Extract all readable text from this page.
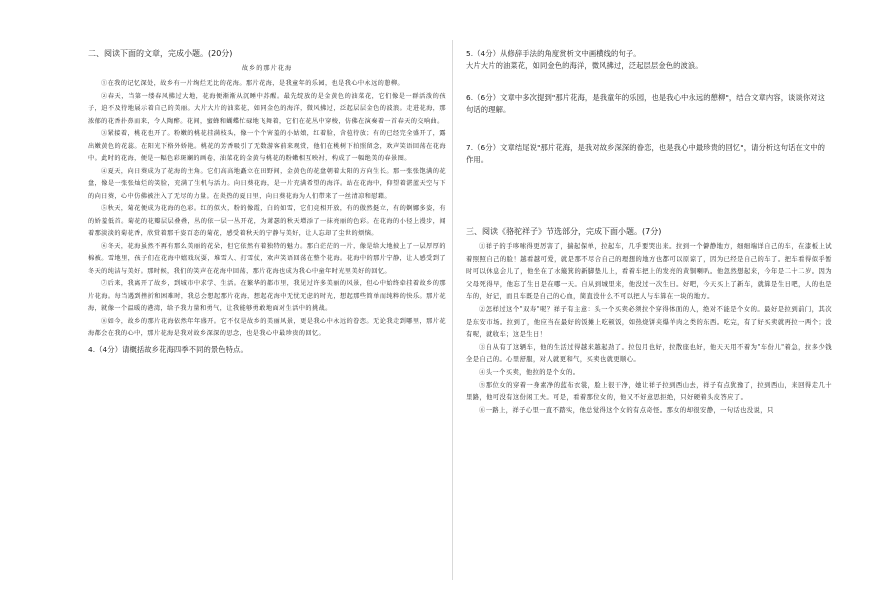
二、阅读下面的文章，完成小题。(20分)
故乡的那片花海

①在我的记忆深处，故乡有一片绚烂无比的花海。那片花海，是我童年的乐园，也是我心中永远的憩柳。

②春天，当第一缕春风拂过大地，花海便渐渐从沉睡中苏醒。最先绽放的是金黄色的油菜花，它们像是一群活泼的孩子，迫不及待地展示着自己的美丽。大片大片的油菜花，如同金色的海洋，微风拂过，泛起层层金色的波浪。走进花海，那浓郁的花香扑鼻而来，令人陶醉。花间，蜜蜂和蝴蝶忙碌地飞舞着，它们在花丛中穿梭，仿佛在演奏着一首春天的交响曲。

③紧接着，桃花也开了。粉嫩的桃花挂满枝头，像一个个害羞的小姑娘，红着脸，含苞待放；有的已经完全盛开了，露出嫩黄色的花蕊。在阳光下格外娇艳。桃花的芳香吸引了无数游客前来观赏，他们在桃树下拍照留念，欢声笑语回荡在花海中。此时的花海，便是一幅色彩斑斓的画卷，油菜花的金黄与桃花的粉嫩相互映衬，构成了一幅绝美的春景图。

④夏天，向日葵成为了花海的主角。它们高高地矗立在田野间，金黄色的花盘朝着太阳的方向生长。那一张张饱满的花盘，像是一张张灿烂的笑脸，充满了生机与活力。向日葵花海，是一片充满希望的海洋。站在花海中，仰望着湛蓝天空与下的向日葵，心中仿佛被注入了无尽的力量。在炎热的夏日里，向日葵花海为人们带来了一丝清凉和慰藉。

⑤秋天，菊花便成为花海的色彩。红的似火，粉的像霞，白的如雪，它们竞相开放，有的傲然挺立，有的婀娜多姿，有的娇羞低首。菊花的花瓣层层叠叠，丛的依一层一丛开花，为萧瑟的秋天增添了一抹亮丽的色彩。在花海的小径上漫步，闻着那淡淡的菊花香，欣赏着那千姿百态的菊花，感受着秋天的宁静与美好，让人忘却了尘世的烦恼。

⑥冬天，花海虽然不再有那么美丽的花朵，但它依然有着独特的魅力。那白茫茫的一片，像是给大地披上了一层厚厚的棉被。雪地里，孩子们在花海中嬉戏玩耍，堆雪人、打雪仗，欢声笑语回荡在整个花海。花海中的那片宁静，让人感受到了冬天的纯洁与美好。那时候，我们的笑声在花海中回荡，那片花海也成为我心中童年时光里美好的回忆。

⑦后来，我离开了故乡，到城市中求学、生活。在繁华的都市里，我见过许多美丽的风景，但心中始终牵挂着故乡的那片花海。每当遇到挫折和困难时，我总会想起那片花海，想起花海中无忧无虑的时光，想起那些简单而纯粹的快乐。那片花海，就像一个温暖的港湾，给予我力量和勇气，让我能够勇敢地面对生活中的挑战。

⑧如今，故乡的那片花海依然年年盛开。它不仅是故乡的美丽风景，更是我心中永远的眷恋。无论我走到哪里，那片花海都会在我的心中，那片花海是我对故乡深深的思念，也是我心中最珍贵的回忆。

4.（4分）请概括故乡花海四季不同的景色特点。

5.（4分）从修辞手法的角度赏析文中画横线的句子。

大片大片的油菜花，如同金色的海洋，微风拂过，泛起层层金色的波浪。

6.（6分）文章中多次提到"那片花海，是我童年的乐园，也是我心中永远的憩柳"，结合文章内容，谈谈你对这句话的理解。

7.（6分）文章结尾说"那片花海，是我对故乡深深的眷恋，也是我心中最珍贵的回忆"，请分析这句话在文中的作用。

三、阅读《骆驼祥子》节选部分，完成下面小题。(7分)

①祥子的手哆嗦得更厉害了，揣起保单，拉起车，几乎要哭出来。拉到一个僻静地方，细细端详自己的车，在漆板上试着照照自己的脸！越看越可爱，就是那不尽合自己的理想的地方也都可以原谅了，因为已经是自己的车了。把车看得似乎暂时可以休息会儿了，他坐在了水簸箕的新脚垫儿上，看着车把上的发亮的黄铜喇叭。他忽然想起来，今年是二十二岁。因为父母死得早，他忘了生日是在哪一天。自从到城里来，他没过一次生日。好吧，今天买上了新车，就算是生日吧，人的也是车的，好记，而且车既是自己的心血，简直没什么不可以把人与车算在一块的地方。

②怎样过这个"双寿"呢？祥子有主意：头一个买卖必须拉个穿得体面的人，绝对不能是个女的。最好是拉到前门，其次是东安市场。拉到了，他应当在最好的饭摊上吃顿饭，如热烧饼夹爆羊肉之类的东西。吃完，有了好买卖就再拉一两个；没有呢，就收车；这是生日！

③自从有了这辆车，他的生活过得越来越起劲了。拉包月也好，拉散座也好，他天天用不着为"车份儿"着急，拉多少钱全是自己的。心里舒服，对人就更和气，买卖也就更顺心。

④头一个买卖，他拉的是个女的。

⑤那位女的穿着一身素净的蓝布衣裳，脸上很干净，她让祥子拉到西山去，祥子有点犹豫了，拉到西山，来回得走几十里路，他可没有这份闲工夫。可是，看着那位女的，他又不好意思拒绝，只好硬着头皮答应了。

⑥一路上，祥子心里一直不踏实，他总觉得这个女的有点奇怪。那女的却很安静，一句话也没说，只
